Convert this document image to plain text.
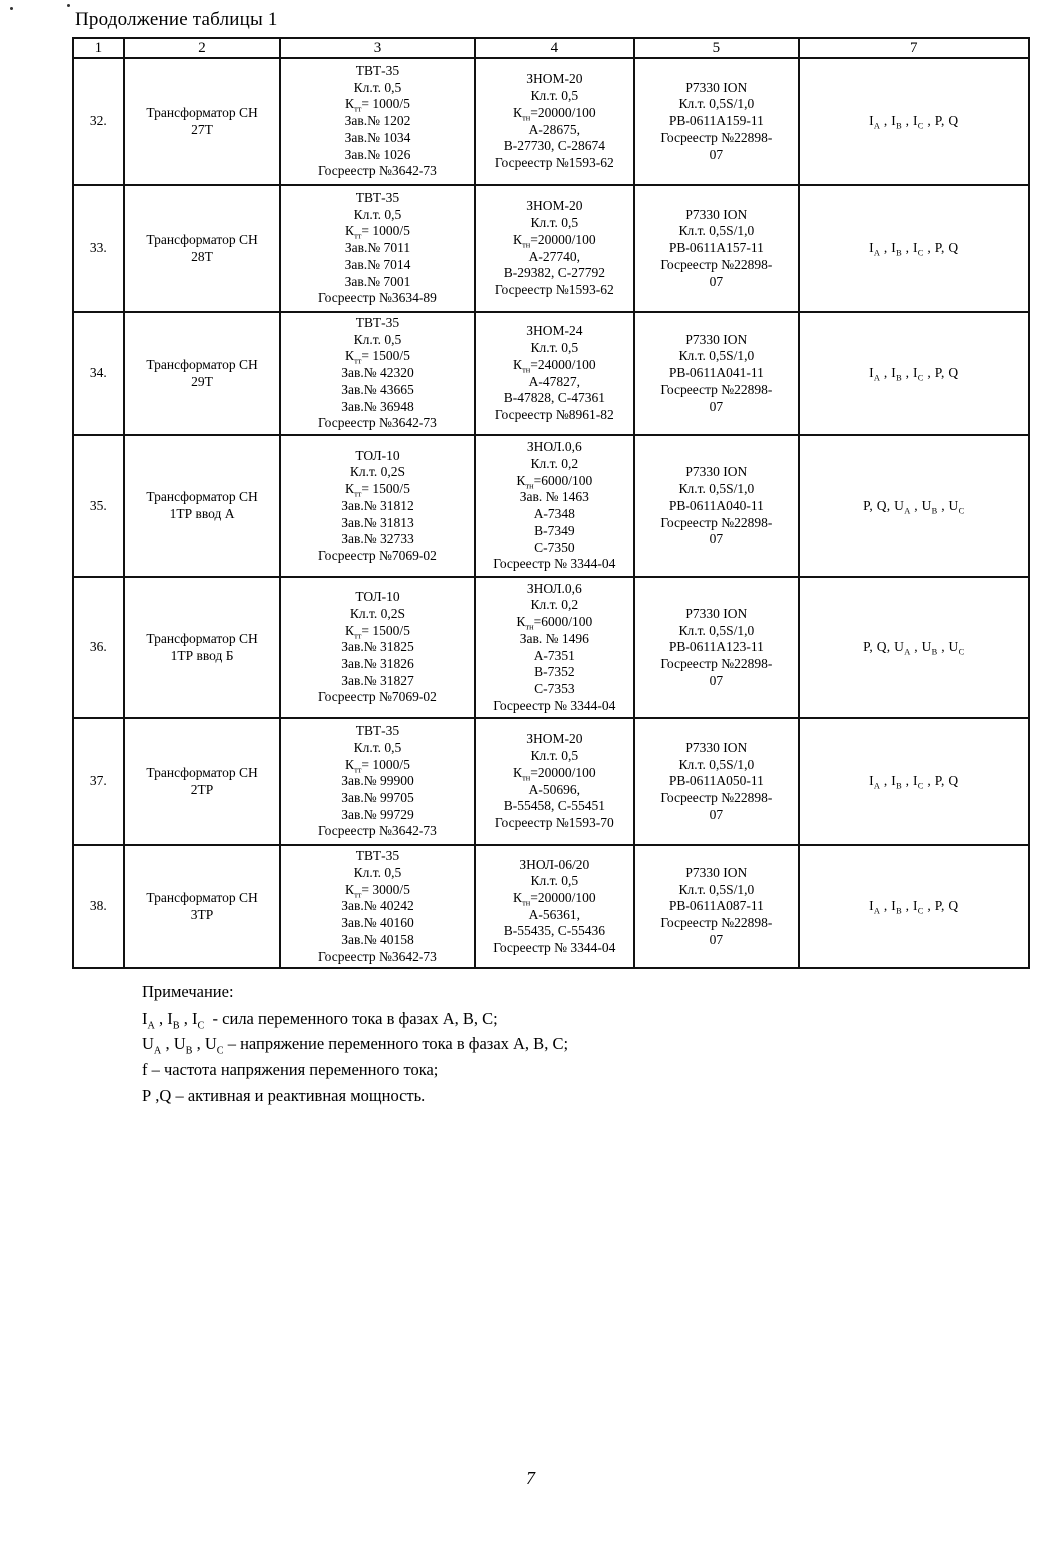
Продолжение таблицы 1
1	2	3	4	5	7
32.	Трансформатор СН
27Т	ТВТ-35
Кл.т. 0,5
$К_{тт}= 1000/5$
Зав.№ 1202
Зав.№ 1034
Зав.№ 1026
Госреестр №3642-73	ЗНОМ-20
Кл.т. 0,5
$К_{тн}=20000/100$
А-28675,
В-27730, С-28674
Госреестр №1593-62	Р7330 ION
Кл.т. 0,5S/1,0
РВ-0611А159-11
Госреестр №22898-
07	$I_А$ , $I_В$ , $I_С$ , P, Q
33.	Трансформатор СН
28Т	ТВТ-35
Кл.т. 0,5
$К_{тт}= 1000/5$
Зав.№ 7011
Зав.№ 7014
Зав.№ 7001
Госреестр №3634-89	ЗНОМ-20
Кл.т. 0,5
$К_{тн}=20000/100$
А-27740,
В-29382, С-27792
Госреестр №1593-62	Р7330 ION
Кл.т. 0,5S/1,0
РВ-0611А157-11
Госреестр №22898-
07	$I_А$ , $I_В$ , $I_С$ , P, Q
34.	Трансформатор СН
29Т	ТВТ-35
Кл.т. 0,5
$К_{тт}= 1500/5$
Зав.№ 42320
Зав.№ 43665
Зав.№ 36948
Госреестр №3642-73	ЗНОМ-24
Кл.т. 0,5
$К_{тн}=24000/100$
А-47827,
В-47828, С-47361
Госреестр №8961-82	Р7330 ION
Кл.т. 0,5S/1,0
РВ-0611А041-11
Госреестр №22898-
07	$I_А$ , $I_В$ , $I_С$ , P, Q
35.	Трансформатор СН
1ТР ввод А	ТОЛ-10
Кл.т. 0,2S
$К_{тт}= 1500/5$
Зав.№ 31812
Зав.№ 31813
Зав.№ 32733
Госреестр №7069-02	ЗНОЛ.0,6
Кл.т. 0,2
$К_{тн}=6000/100$
Зав. № 1463
А-7348
В-7349
С-7350
Госреестр № 3344-04	Р7330 ION
Кл.т. 0,5S/1,0
РВ-0611А040-11
Госреестр №22898-
07	P, Q, $U_А$ , $U_В$ , $U_С$
36.	Трансформатор СН
1ТР ввод Б	ТОЛ-10
Кл.т. 0,2S
$К_{тт}= 1500/5$
Зав.№ 31825
Зав.№ 31826
Зав.№ 31827
Госреестр №7069-02	ЗНОЛ.0,6
Кл.т. 0,2
$К_{тн}=6000/100$
Зав. № 1496
А-7351
В-7352
С-7353
Госреестр № 3344-04	Р7330 ION
Кл.т. 0,5S/1,0
РВ-0611А123-11
Госреестр №22898-
07	P, Q, $U_А$ , $U_В$ , $U_С$
37.	Трансформатор СН
2ТР	ТВТ-35
Кл.т. 0,5
$К_{тт}= 1000/5$
Зав.№ 99900
Зав.№ 99705
Зав.№ 99729
Госреестр №3642-73	ЗНОМ-20
Кл.т. 0,5
$К_{тн}=20000/100$
А-50696,
В-55458, С-55451
Госреестр №1593-70	Р7330 ION
Кл.т. 0,5S/1,0
РВ-0611А050-11
Госреестр №22898-
07	$I_А$ , $I_В$ , $I_С$ , P, Q
38.	Трансформатор СН
3ТР	ТВТ-35
Кл.т. 0,5
$К_{тт}= 3000/5$
Зав.№ 40242
Зав.№ 40160
Зав.№ 40158
Госреестр №3642-73	ЗНОЛ-06/20
Кл.т. 0,5
$К_{тн}=20000/100$
А-56361,
В-55435, С-55436
Госреестр № 3344-04	Р7330 ION
Кл.т. 0,5S/1,0
РВ-0611А087-11
Госреестр №22898-
07	$I_А$ , $I_В$ , $I_С$ , P, Q
Примечание:
$I_А$ , $I_В$ , $I_С$  - сила переменного тока в фазах А, В, С;
$U_А$ , $U_В$ , $U_С$ – напряжение переменного тока в фазах А, В, С;
f – частота напряжения переменного тока;
Р ,Q – активная и реактивная мощность.
7
